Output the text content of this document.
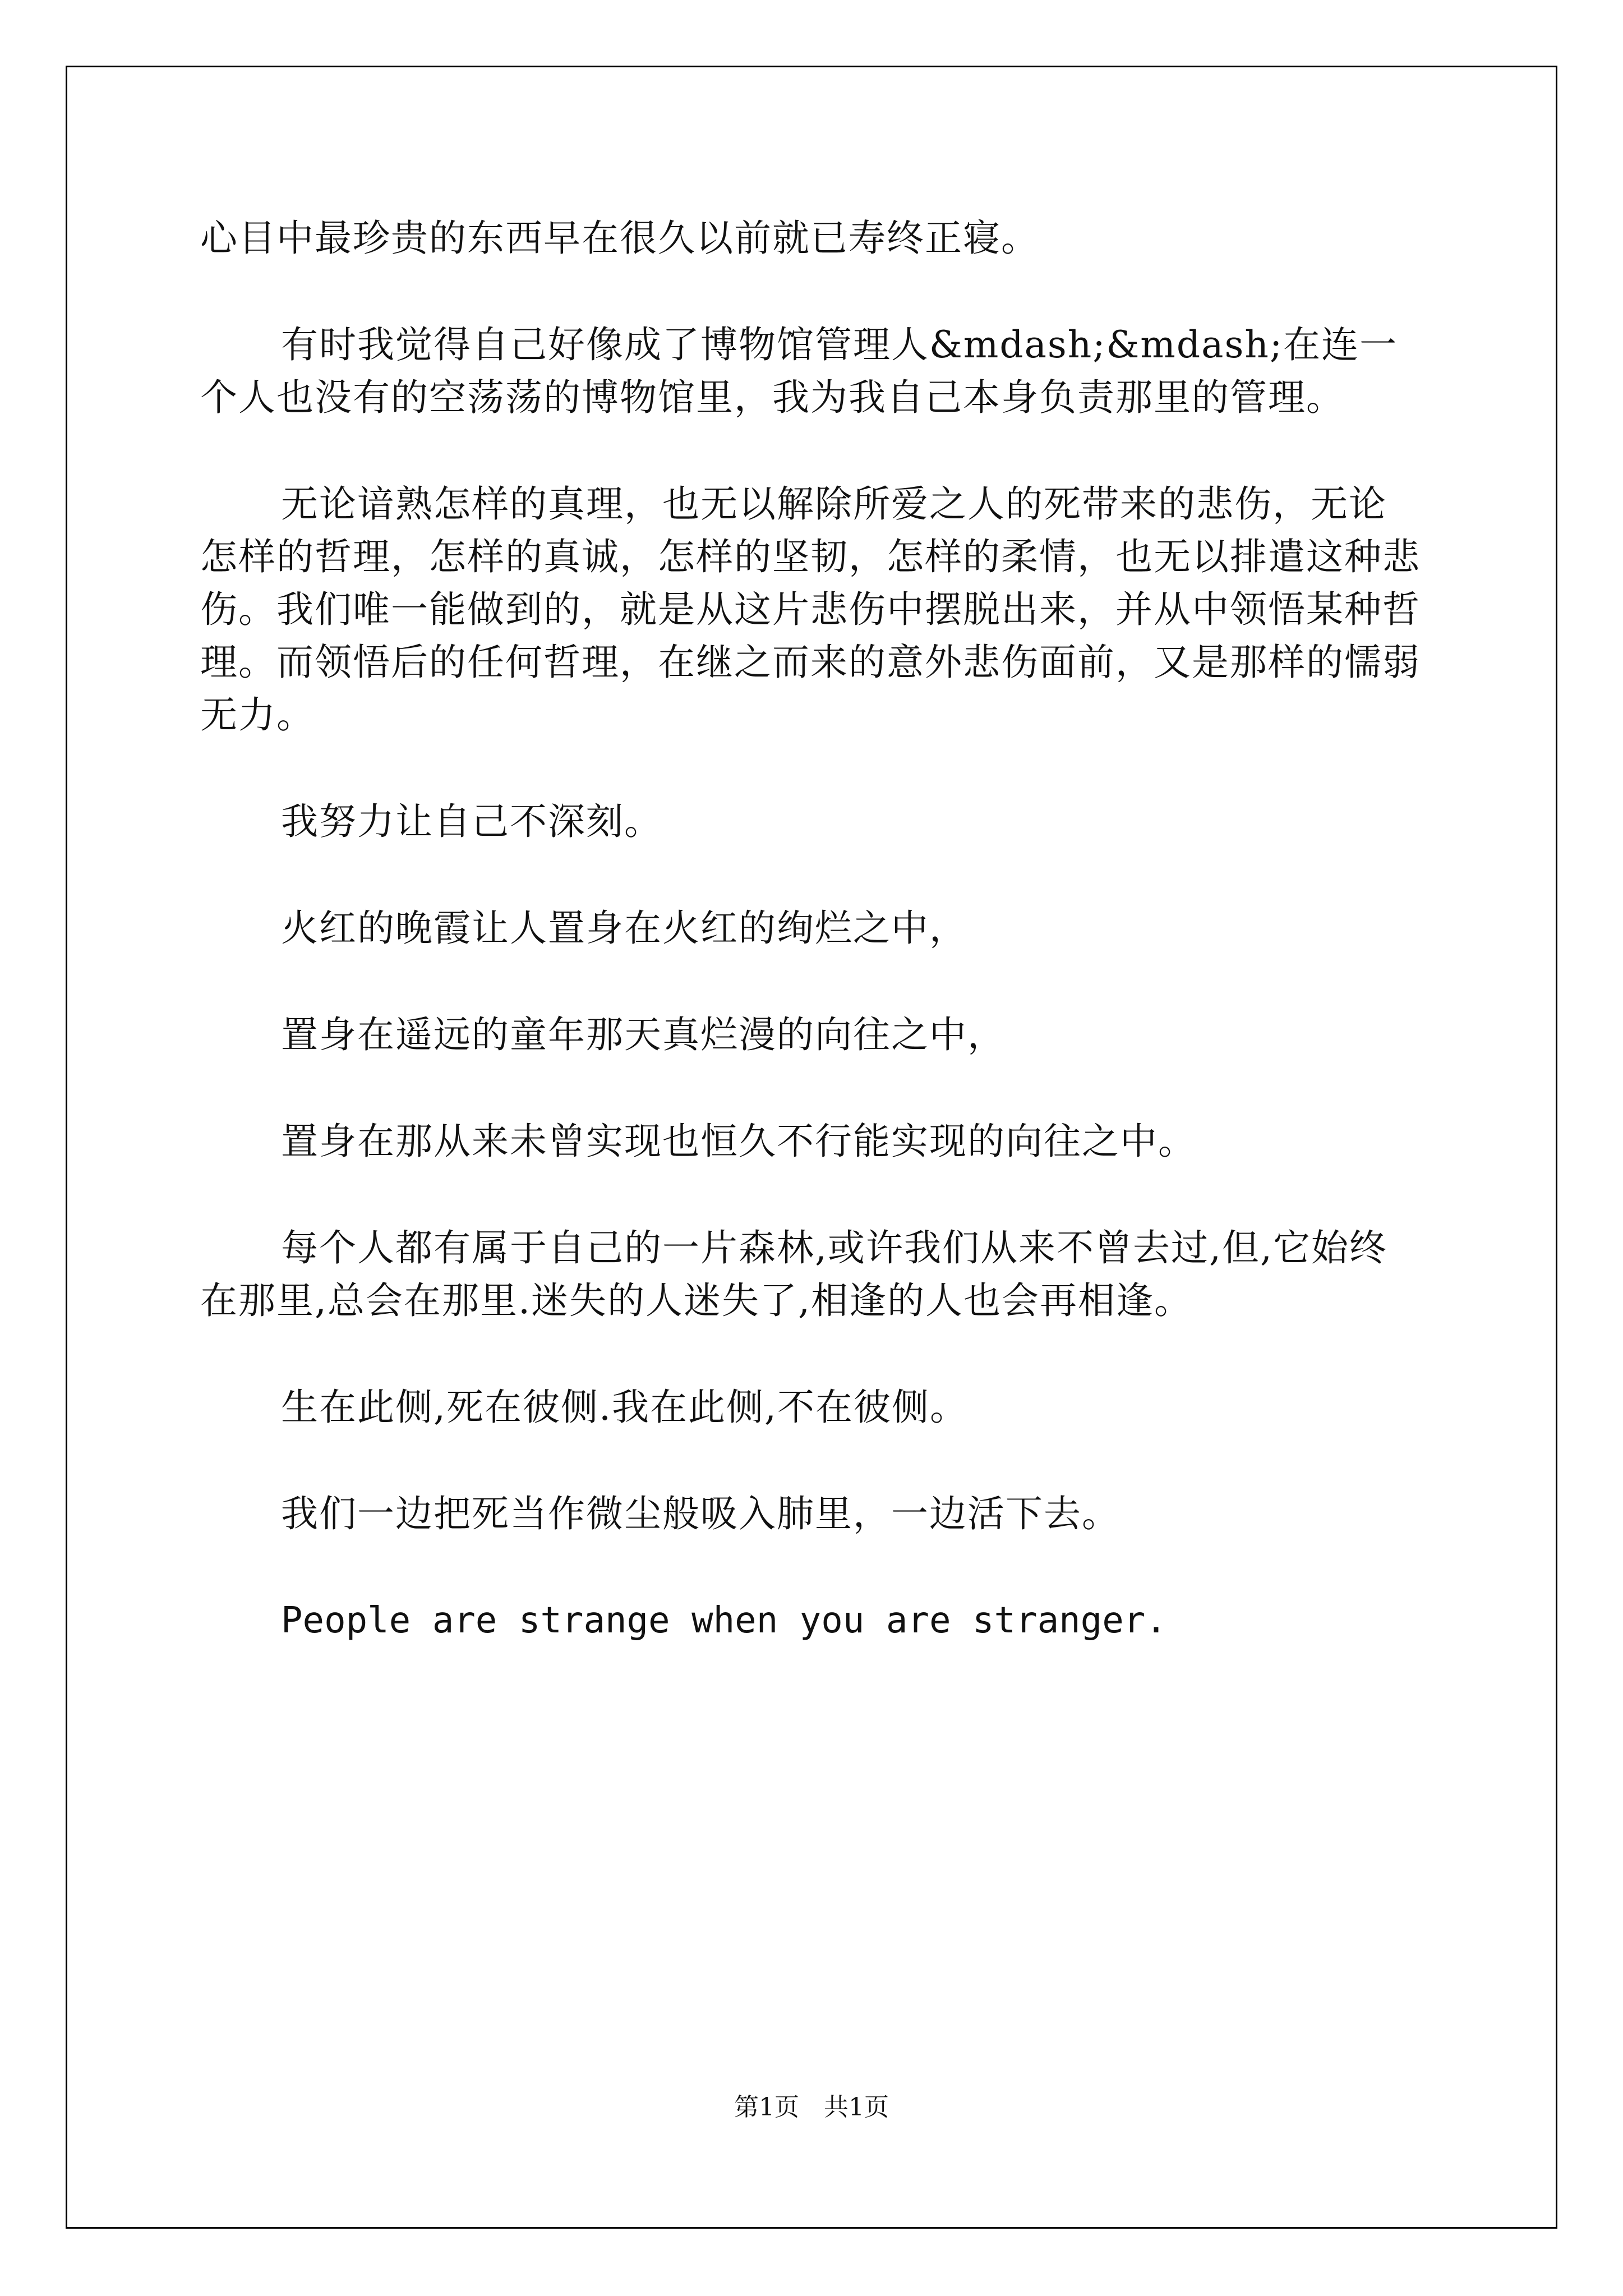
心目中最珍贵的东西早在很久以前就已寿终正寝。

有时我觉得自己好像成了博物馆管理人&mdash;&mdash;在连一个人也没有的空荡荡的博物馆里，我为我自己本身负责那里的管理。

无论谙熟怎样的真理，也无以解除所爱之人的死带来的悲伤，无论怎样的哲理，怎样的真诚，怎样的坚韧，怎样的柔情，也无以排遣这种悲伤。我们唯一能做到的，就是从这片悲伤中摆脱出来，并从中领悟某种哲理。而领悟后的任何哲理，在继之而来的意外悲伤面前，又是那样的懦弱无力。

我努力让自己不深刻。

火红的晚霞让人置身在火红的绚烂之中，

置身在遥远的童年那天真烂漫的向往之中，

置身在那从来未曾实现也恒久不行能实现的向往之中。

每个人都有属于自己的一片森林,或许我们从来不曾去过,但,它始终在那里,总会在那里.迷失的人迷失了,相逢的人也会再相逢。

生在此侧,死在彼侧.我在此侧,不在彼侧。

我们一边把死当作微尘般吸入肺里，一边活下去。

People are strange when you are stranger.

第1页　共1页
